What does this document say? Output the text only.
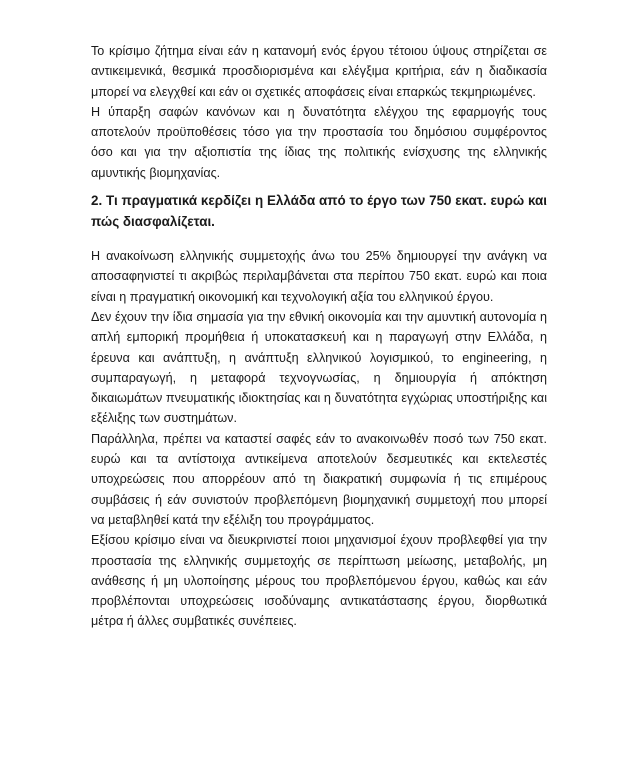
Το κρίσιμο ζήτημα είναι εάν η κατανομή ενός έργου τέτοιου ύψους στηρίζεται σε αντικειμενικά, θεσμικά προσδιορισμένα και ελέγξιμα κριτήρια, εάν η διαδικασία μπορεί να ελεγχθεί και εάν οι σχετικές αποφάσεις είναι επαρκώς τεκμηριωμένες.

Η ύπαρξη σαφών κανόνων και η δυνατότητα ελέγχου της εφαρμογής τους αποτελούν προϋποθέσεις τόσο για την προστασία του δημόσιου συμφέροντος όσο και για την αξιοπιστία της ίδιας της πολιτικής ενίσχυσης της ελληνικής αμυντικής βιομηχανίας.

2. Τι πραγματικά κερδίζει η Ελλάδα από το έργο των 750 εκατ. ευρώ και πώς διασφαλίζεται.

Η ανακοίνωση ελληνικής συμμετοχής άνω του 25% δημιουργεί την ανάγκη να αποσαφηνιστεί τι ακριβώς περιλαμβάνεται στα περίπου 750 εκατ. ευρώ και ποια είναι η πραγματική οικονομική και τεχνολογική αξία του ελληνικού έργου.

Δεν έχουν την ίδια σημασία για την εθνική οικονομία και την αμυντική αυτονομία η απλή εμπορική προμήθεια ή υποκατασκευή και η παραγωγή στην Ελλάδα, η έρευνα και ανάπτυξη, η ανάπτυξη ελληνικού λογισμικού, το engineering, η συμπαραγωγή, η μεταφορά τεχνογνωσίας, η δημιουργία ή απόκτηση δικαιωμάτων πνευματικής ιδιοκτησίας και η δυνατότητα εγχώριας υποστήριξης και εξέλιξης των συστημάτων.

Παράλληλα, πρέπει να καταστεί σαφές εάν το ανακοινωθέν ποσό των 750 εκατ. ευρώ και τα αντίστοιχα αντικείμενα αποτελούν δεσμευτικές και εκτελεστές υποχρεώσεις που απορρέουν από τη διακρατική συμφωνία ή τις επιμέρους συμβάσεις ή εάν συνιστούν προβλεπόμενη βιομηχανική συμμετοχή που μπορεί να μεταβληθεί κατά την εξέλιξη του προγράμματος.

Εξίσου κρίσιμο είναι να διευκρινιστεί ποιοι μηχανισμοί έχουν προβλεφθεί για την προστασία της ελληνικής συμμετοχής σε περίπτωση μείωσης, μεταβολής, μη ανάθεσης ή μη υλοποίησης μέρους του προβλεπόμενου έργου, καθώς και εάν προβλέπονται υποχρεώσεις ισοδύναμης αντικατάστασης έργου, διορθωτικά μέτρα ή άλλες συμβατικές συνέπειες.
